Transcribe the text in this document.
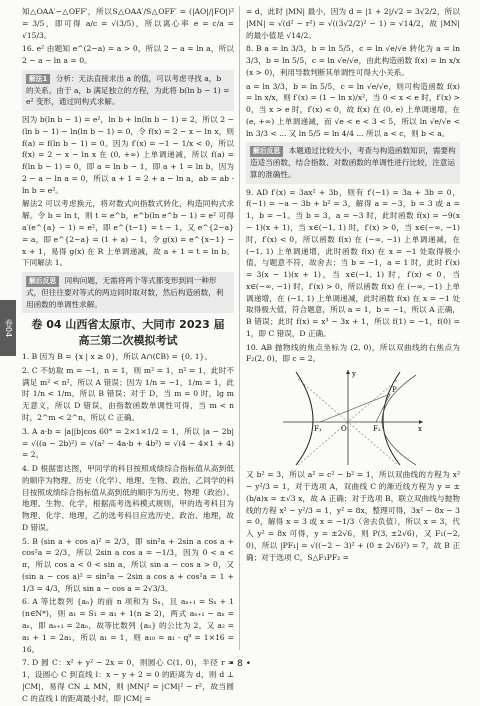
卷04

知△OAA′∽△OFF′，所以S△OAA′/S△OFF′ = (|AO|/|FO|)² = 3/5，即可得 a/c = √(3/5)，所以离心率 e = c/a = √15/3。

16. e² 由题知 e^(2−a) = a > 0，所以 2 − a = ln a，所以 2 − a − ln a = 0。

解法1 分析：无法直接求出 a 的值，可以考虑寻找 a，b 的关系。由于 a，b 满足独立的方程，为此将 b(ln b − 1) = e² 变形，通过同构式求解。

因为 b(ln b − 1) = e²，ln b + ln(ln b − 1) = 2，所以 2 − (ln b − 1) − ln(ln b − 1) = 0，令 f(x) = 2 − x − ln x，则 f(a) = f(ln b − 1) = 0。因为 f′(x) = −1 − 1/x < 0，所以 f(x) = 2 − x − ln x 在 (0, +∞) 上单调递减，所以 f(a) = f(ln b − 1) = 0，即 a = ln b − 1，即 a + 1 = ln b，因为 2 − a − ln a = 0，所以 a + 1 = 2 + a − ln a，ab = ab · ln b = e²。

解法2 可以考虑换元，将对数式向指数式转化，构造同构式求解。令 b = ln t，则 t = e^b，e^b(ln e^b − 1) = e² 可得 a′(e^{a} − 1) = e²，即 e^{t−1} = t − 1，又 e^{2−a} = a，即 e^{2−a} = (1 + a) − 1，令 g(x) = e^{x−1} − x + 1，易得 g(x) 在 R 上单调递减，故 a + 1 = t = ln b。下同解法 1。

解后反思 同构问题，无需将两个等式都变形到同一种形式，但往往要对等式的两边同时取对数，然后构造函数，利用函数的单调性求解。
卷 04 山西省太原市、大同市 2023 届
高三第二次模拟考试

1. B 因为 B = {x | x ≥ 0}，所以 A∩(∁B) = {0, 1}。

2. C 不妨取 m = −1，n = 1，则 m² = 1，n² = 1，此时不满足 m² < n²，所以 A 错误；因为 1/n = −1，1/m = 1，此时 1/n < 1/m，所以 B 错误；对于 D，当 m = 0 时，lg m 无意义，所以 D 错误，由指数函数单调性可得，当 m < n 时，2^m < 2^n，所以 C 正确。

3. A a·b = |a||b|cos 60° = 2×1×1/2 = 1，所以 |a − 2b| = √((a − 2b)²) = √(a² − 4a·b + 4b²) = √(4 − 4×1 + 4) = 2。

4. D 根据雷达图，甲同学的科目按照成绩综合指标值从高到低的顺序为物理、历史（化学）、地理、生物、政治，乙同学的科目按照成绩综合指标值从高到低的顺序为历史、物理（政治）、地理、生物、化学，根据高考选科模式规则，甲的选考科目为物理、化学、地理，乙的选考科目应选历史、政治、地理，故 D 错误。

5. B (sin a + cos a)² = 2/3，即 sin²a + 2sin a cos a + cos²a = 2/3，所以 2sin a cos a = −1/3，因为 0 < a < π，所以 cos a < 0 < sin a，所以 sin a − cos a > 0，又 (sin a − cos a)² = sin²a − 2sin a cos a + cos²a = 1 + 1/3 = 4/3，所以 sin a − cos a = 2√3/3。

6. A 等比数列 {aₙ} 的前 n 项和为 Sₙ，且 aₙ₊₁ = Sₙ + 1 (n∈N*)，则 a₁ = S₁ = a₁ + 1(n ≥ 2)，两式 aₙ₊₁ − aₙ = aₙ，即 aₙ₊₁ = 2aₙ，故等比数列 {aₙ} 的公比为 2，又 a₂ = a₁ + 1 = 2a₁，所以 a₁ = 1，则 a₁₀ = a₁ · q⁹ = 1×16 = 16。

7. D 圆 C：x² + y² − 2x = 0，则圆心 C(1, 0)，半径 r = 1，设圆心 C 到直线 l：x − y + 2 = 0 的距离为 d，则 d ⊥ |CM|，易得 CN ⊥ MN，则 |MN|² = |CM|² − r²，故当圆 C 的直线 l 的距离最小时，即 |CM| =

= d，此时 |MN| 最小，因为 d = |1 + 2|/√2 = 3√2/2，所以 |MN| = √(d² − r²) = √((3√2/2)² − 1) = √14/2，故 |MN| 的最小值是 √14/2。

8. B a = ln 3/3，b = ln 5/5，c = ln √e/√e 转化为 a = ln 3/3，b = ln 5/5，c = ln √e/√e，由此构造函数 f(x) = ln x/x (x > 0)，利用导数判断其单调性可得大小关系。

a = ln 3/3，b = ln 5/5，c = ln √e/√e，则可构造函数 f(x) = ln x/x，则 f′(x) = (1 − ln x)/x²，当 0 < x < e 时，f′(x) > 0，当 x > e 时，f′(x) < 0，故 f(x) 在 (0, e) 上单调递增，在 (e, +∞) 上单调递减，而 √e < e < 3 < 5，所以 ln √e/√e < ln 3/3 < ... 又 ln 5/5 = ln 4/4 ... 所以 a < c，则 b < a。

解后反思 本题通过比较大小，考查与构造函数知识，需要构造适当函数，结合指数、对数函数的单调性进行比较，注意运算的准确性。

9. AD f′(x) = 3ax² + 3b，则有 f′(−1) = 3a + 3b = 0，f(−1) = −a − 3b + b² = 3，解得 a = −3，b = 3 或 a = 1，b = −1。当 b = 3，a = −3 时，此时函数 f(x) = −9(x − 1)(x + 1)，当 x∈(−1, 1) 时，f′(x) > 0，当 x∈(−∞, −1) 时，f′(x) < 0，所以函数 f(x) 在 (−∞, −1) 上单调递减，在 (−1, 1) 上单调递增，此时函数 f(x) 在 x = −1 处取得极小值，与题意不符，故舍去；当 b = −1，a = 1 时，此时 f′(x) = 3(x − 1)(x + 1)，当 x∈(−1, 1) 时，f′(x) < 0，当 x∈(−∞, −1) 时，f′(x) > 0，所以函数 f(x) 在 (−∞, −1) 上单调递增，在 (−1, 1) 上单调递减，此时函数 f(x) 在 x = −1 处取得极大值，符合题意，所以 a = 1，b = −1，所以 A 正确，B 错误；此时 f(x) = x³ − 3x + 1，所以 f(1) = −1，f(0) = 1，即 C 错误，D 正确。

10. AB 抛物线的焦点坐标为 (2, 0)，所以双曲线的右焦点为 F₂(2, 0)，即 c = 2。

O
F₁	F₂
P
x
y

又 b² = 3，所以 a² = c² − b² = 1，所以双曲线的方程为 x² − y²/3 = 1，对于选项 A，双曲线 C 的渐近线方程为 y = ±(b/a)x = ±√3 x，故 A 正确；对于选项 B，联立双曲线与抛物线的方程 x² − y²/3 = 1，y² = 8x，整理可得，3x² − 8x − 3 = 0，解得 x = 3 或 x = −1/3（舍去负值），所以 x = 3，代入 y² = 8x 可得，y = ±2√6，则 P(3, ±2√6)，又 F₁(−2, 0)，所以 |PF₁| = √((−2 − 3)² + (0 ± 2√6)²) = 7，故 B 正确；对于选项 C，S△F₁PF₂ =

• 8 •
